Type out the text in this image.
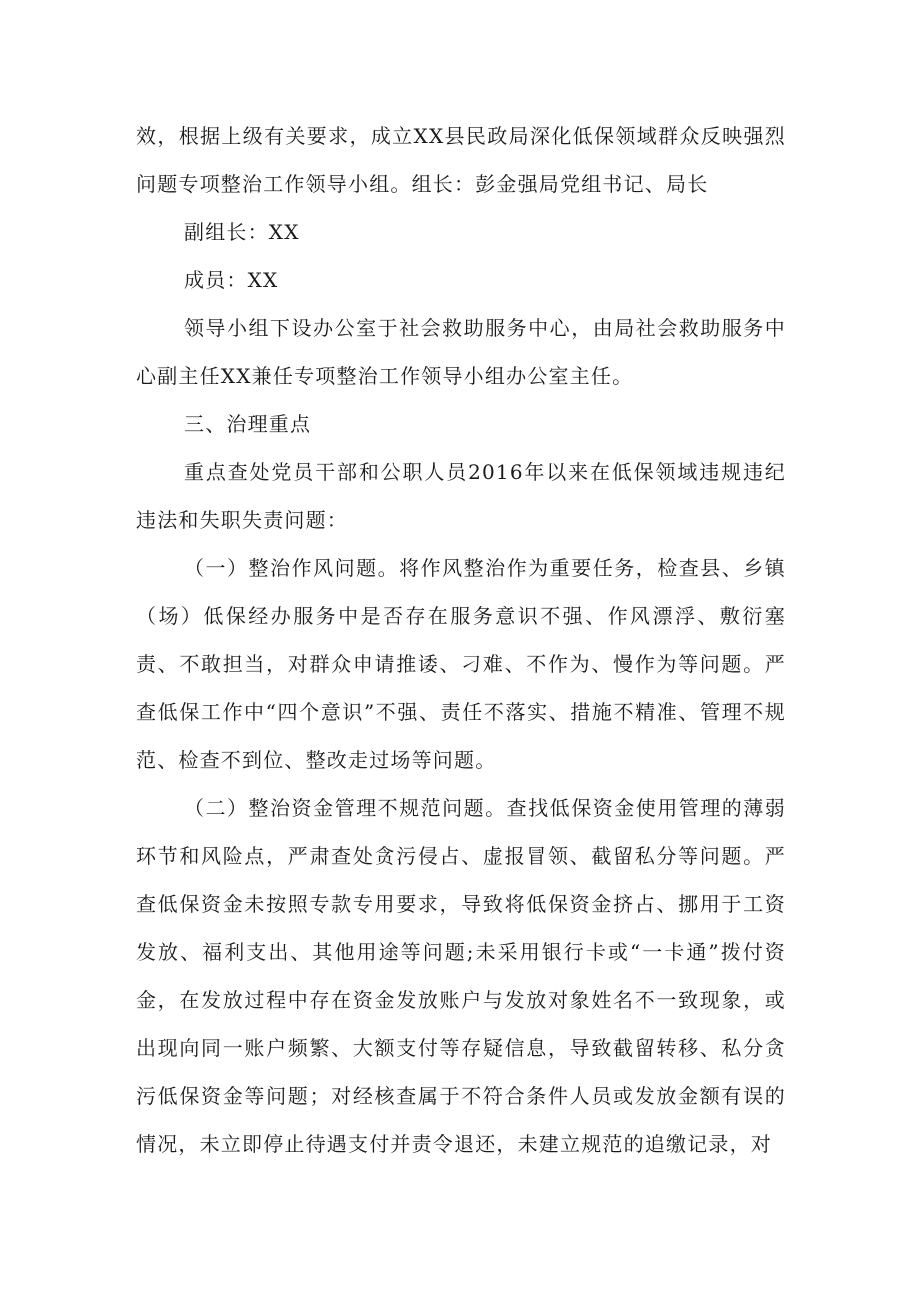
效，根据上级有关要求，成立XX县民政局深化低保领域群众反映强烈问题专项整治工作领导小组。组长：彭金强局党组书记、局长

副组长：XX

成员：XX

领导小组下设办公室于社会救助服务中心，由局社会救助服务中心副主任XX兼任专项整治工作领导小组办公室主任。

三、治理重点

重点查处党员干部和公职人员2016年以来在低保领域违规违纪违法和失职失责问题：

（一）整治作风问题。将作风整治作为重要任务，检查县、乡镇（场）低保经办服务中是否存在服务意识不强、作风漂浮、敷衍塞责、不敢担当，对群众申请推诿、刁难、不作为、慢作为等问题。严查低保工作中“四个意识”不强、责任不落实、措施不精准、管理不规范、检查不到位、整改走过场等问题。

（二）整治资金管理不规范问题。查找低保资金使用管理的薄弱环节和风险点，严肃查处贪污侵占、虚报冒领、截留私分等问题。严查低保资金未按照专款专用要求，导致将低保资金挤占、挪用于工资发放、福利支出、其他用途等问题;未采用银行卡或“一卡通”拨付资金，在发放过程中存在资金发放账户与发放对象姓名不一致现象，或出现向同一账户频繁、大额支付等存疑信息，导致截留转移、私分贪污低保资金等问题；对经核查属于不符合条件人员或发放金额有误的情况，未立即停止待遇支付并责令退还，未建立规范的追缴记录，对
